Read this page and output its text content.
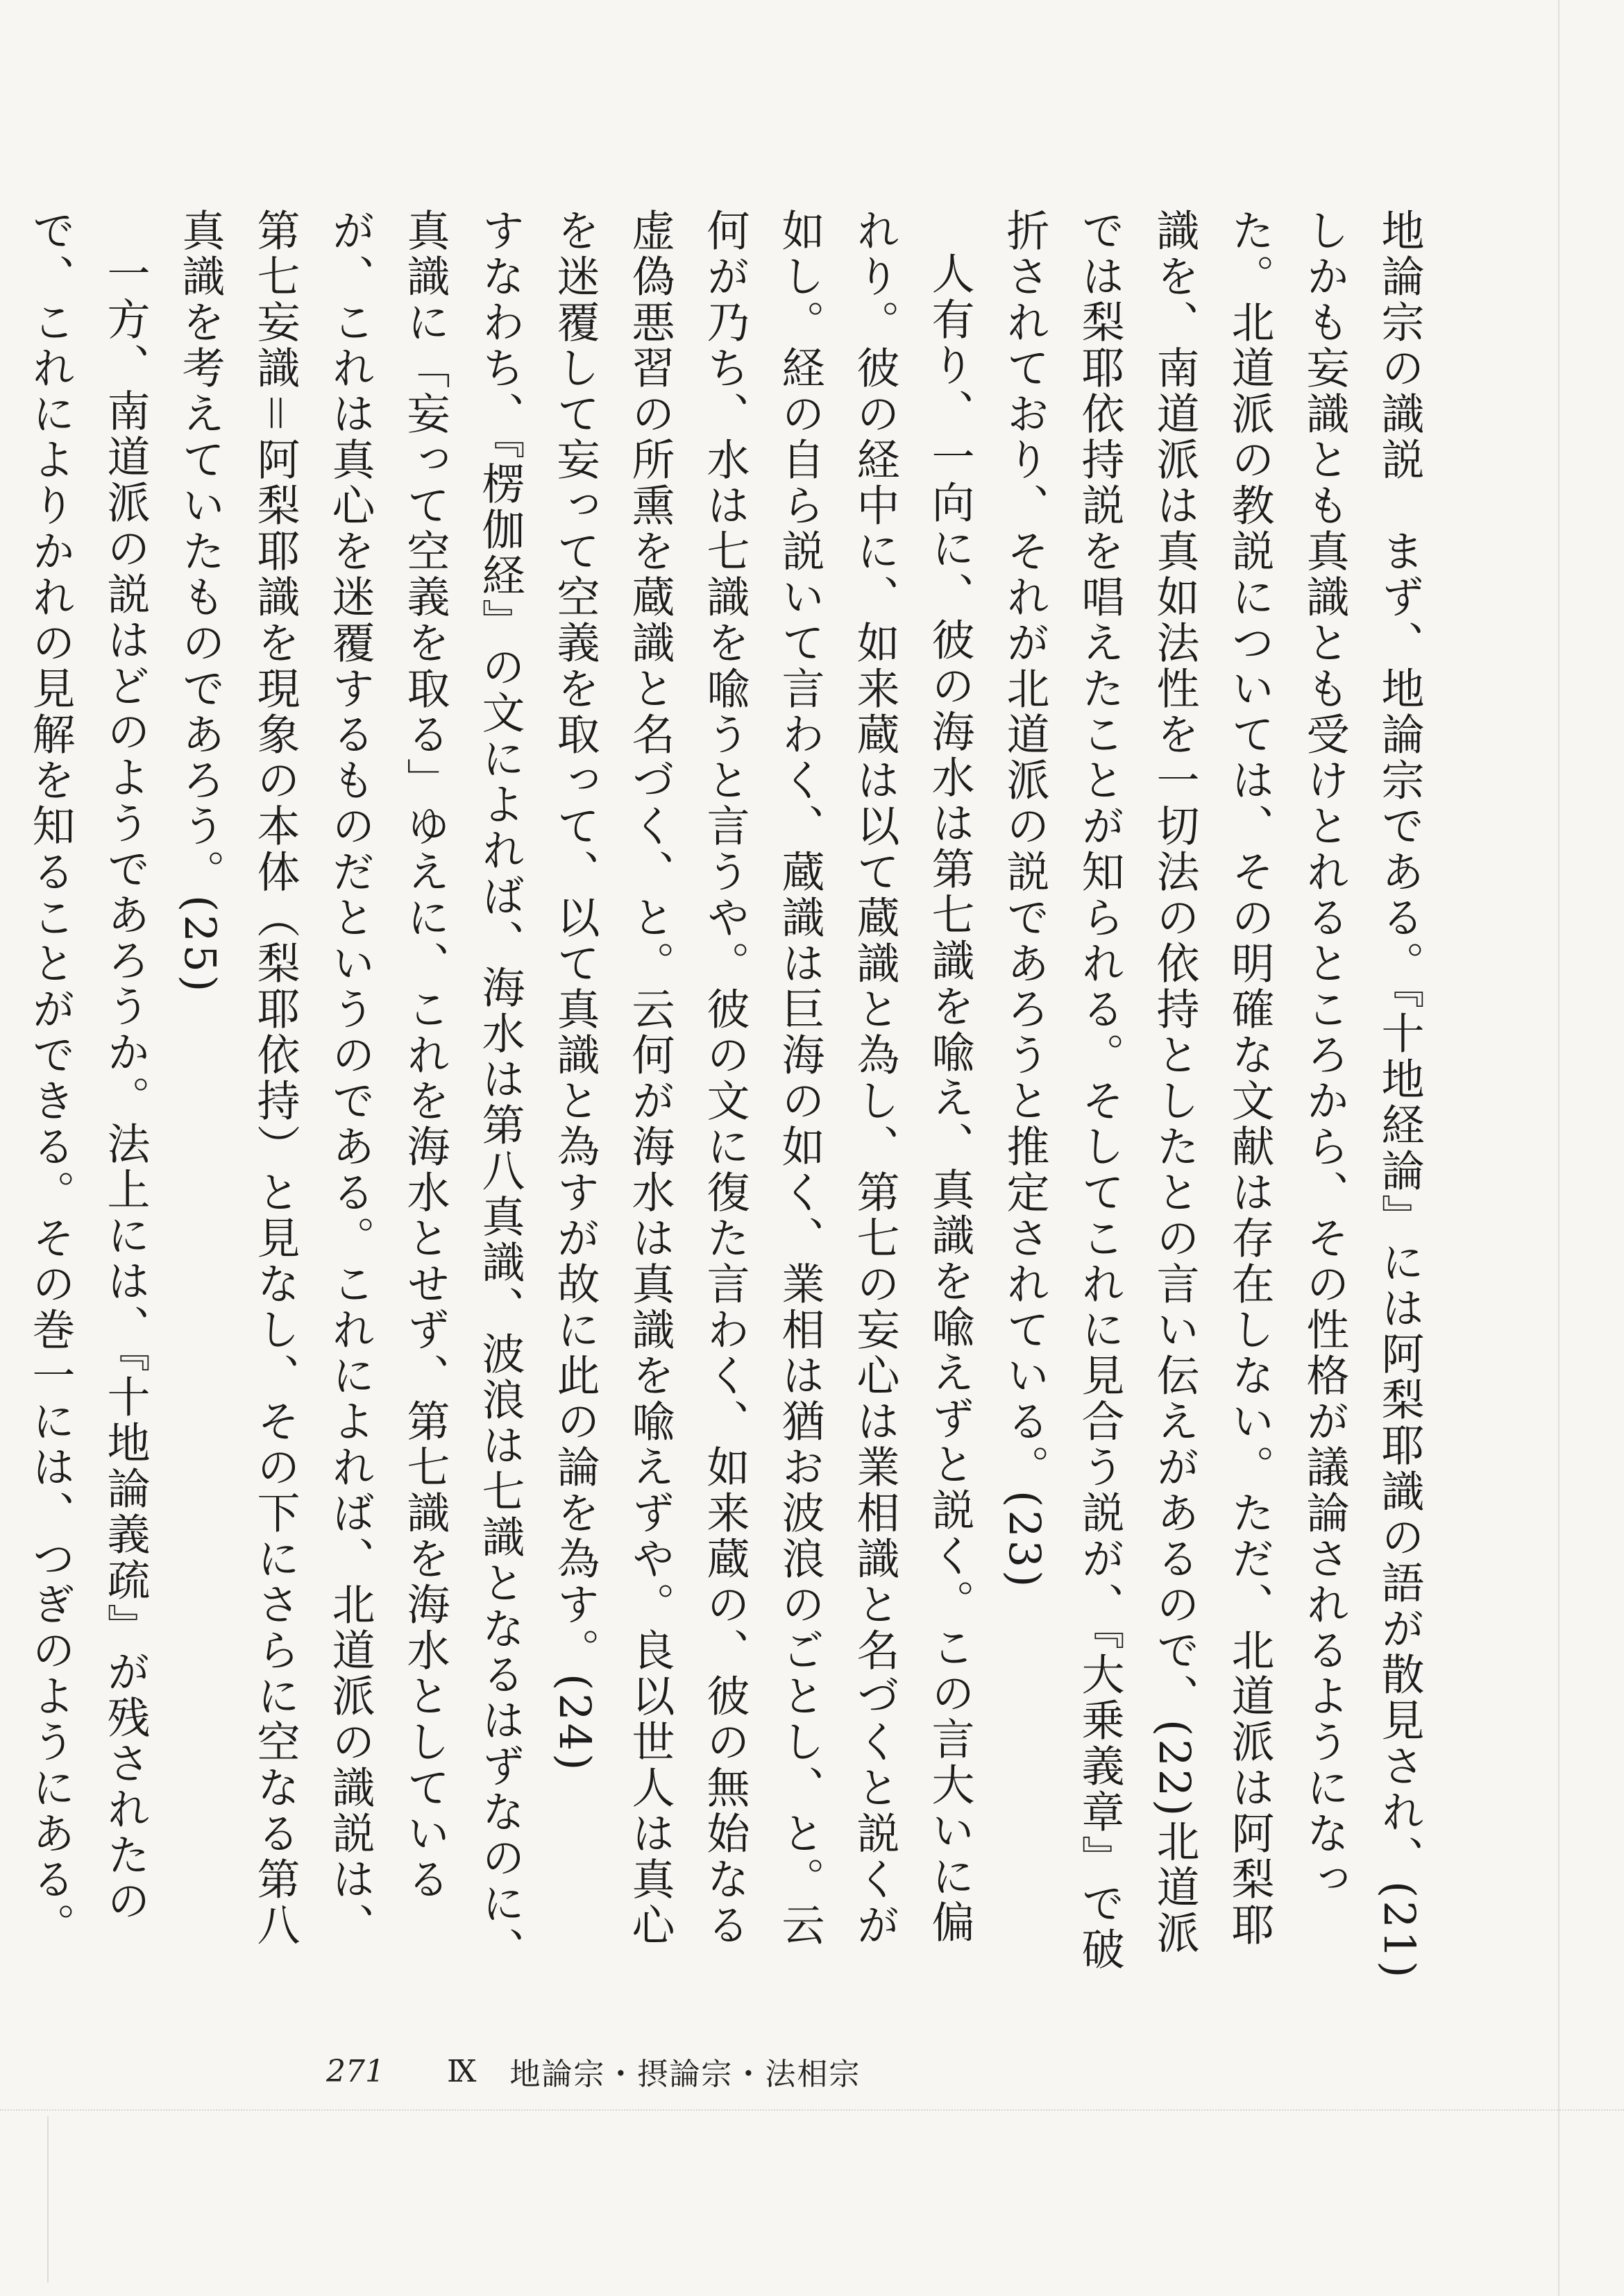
地論宗の識説　まず、地論宗である。『十地経論』には阿梨耶識の語が散見され、(21)しかも妄識とも真識とも受けとれるところから、その性格が議論されるようになった。北道派の教説については、その明確な文献は存在しない。ただ、北道派は阿梨耶識を、南道派は真如法性を一切法の依持としたとの言い伝えがあるので、(22)北道派では梨耶依持説を唱えたことが知られる。そしてこれに見合う説が、『大乗義章』で破折されており、それが北道派の説であろうと推定されている。(23)

人有り、一向に、彼の海水は第七識を喩え、真識を喩えずと説く。この言大いに偏れり。彼の経中に、如来蔵は以て蔵識と為し、第七の妄心は業相識と名づくと説くが如し。経の自ら説いて言わく、蔵識は巨海の如く、業相は猶お波浪のごとし、と。云何が乃ち、水は七識を喩うと言うや。彼の文に復た言わく、如来蔵の、彼の無始なる虚偽悪習の所熏を蔵識と名づく、と。云何が海水は真識を喩えずや。良以世人は真心を迷覆して妄って空義を取って、以て真識と為すが故に此の論を為す。(24)

すなわち、『楞伽経』の文によれば、海水は第八真識、波浪は七識となるはずなのに、真識に「妄って空義を取る」ゆえに、これを海水とせず、第七識を海水としているが、これは真心を迷覆するものだというのである。これによれば、北道派の識説は、第七妄識＝阿梨耶識を現象の本体（梨耶依持）と見なし、その下にさらに空なる第八真識を考えていたものであろう。(25)

一方、南道派の説はどのようであろうか。法上には、『十地論義疏』が残されたので、これによりかれの見解を知ることができる。その巻一には、つぎのようにある。

271 Ⅸ 地論宗・摂論宗・法相宗
